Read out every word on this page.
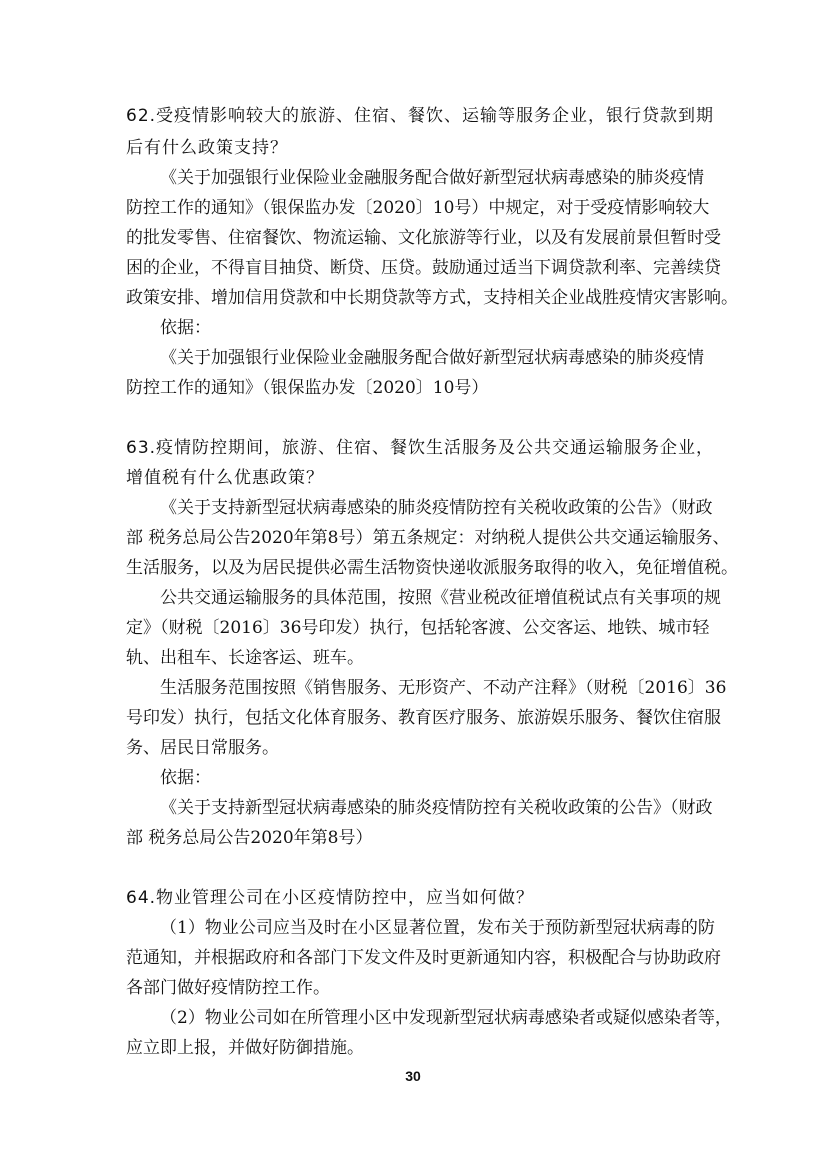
62.受疫情影响较大的旅游、住宿、餐饮、运输等服务企业，银行贷款到期
后有什么政策支持？
《关于加强银行业保险业金融服务配合做好新型冠状病毒感染的肺炎疫情
防控工作的通知》（银保监办发〔2020〕10号）中规定，对于受疫情影响较大
的批发零售、住宿餐饮、物流运输、文化旅游等行业，以及有发展前景但暂时受
困的企业，不得盲目抽贷、断贷、压贷。鼓励通过适当下调贷款利率、完善续贷
政策安排、增加信用贷款和中长期贷款等方式，支持相关企业战胜疫情灾害影响。
依据：
《关于加强银行业保险业金融服务配合做好新型冠状病毒感染的肺炎疫情
防控工作的通知》（银保监办发〔2020〕10号）
63.疫情防控期间，旅游、住宿、餐饮生活服务及公共交通运输服务企业，
增值税有什么优惠政策？
《关于支持新型冠状病毒感染的肺炎疫情防控有关税收政策的公告》（财政
部 税务总局公告2020年第8号）第五条规定：对纳税人提供公共交通运输服务、
生活服务，以及为居民提供必需生活物资快递收派服务取得的收入，免征增值税。
公共交通运输服务的具体范围，按照《营业税改征增值税试点有关事项的规
定》（财税〔2016〕36号印发）执行，包括轮客渡、公交客运、地铁、城市轻
轨、出租车、长途客运、班车。
生活服务范围按照《销售服务、无形资产、不动产注释》（财税〔2016〕36
号印发）执行，包括文化体育服务、教育医疗服务、旅游娱乐服务、餐饮住宿服
务、居民日常服务。
依据：
《关于支持新型冠状病毒感染的肺炎疫情防控有关税收政策的公告》（财政
部 税务总局公告2020年第8号）
64.物业管理公司在小区疫情防控中，应当如何做？
（1）物业公司应当及时在小区显著位置，发布关于预防新型冠状病毒的防
范通知，并根据政府和各部门下发文件及时更新通知内容，积极配合与协助政府
各部门做好疫情防控工作。
（2）物业公司如在所管理小区中发现新型冠状病毒感染者或疑似感染者等，
应立即上报，并做好防御措施。
30
